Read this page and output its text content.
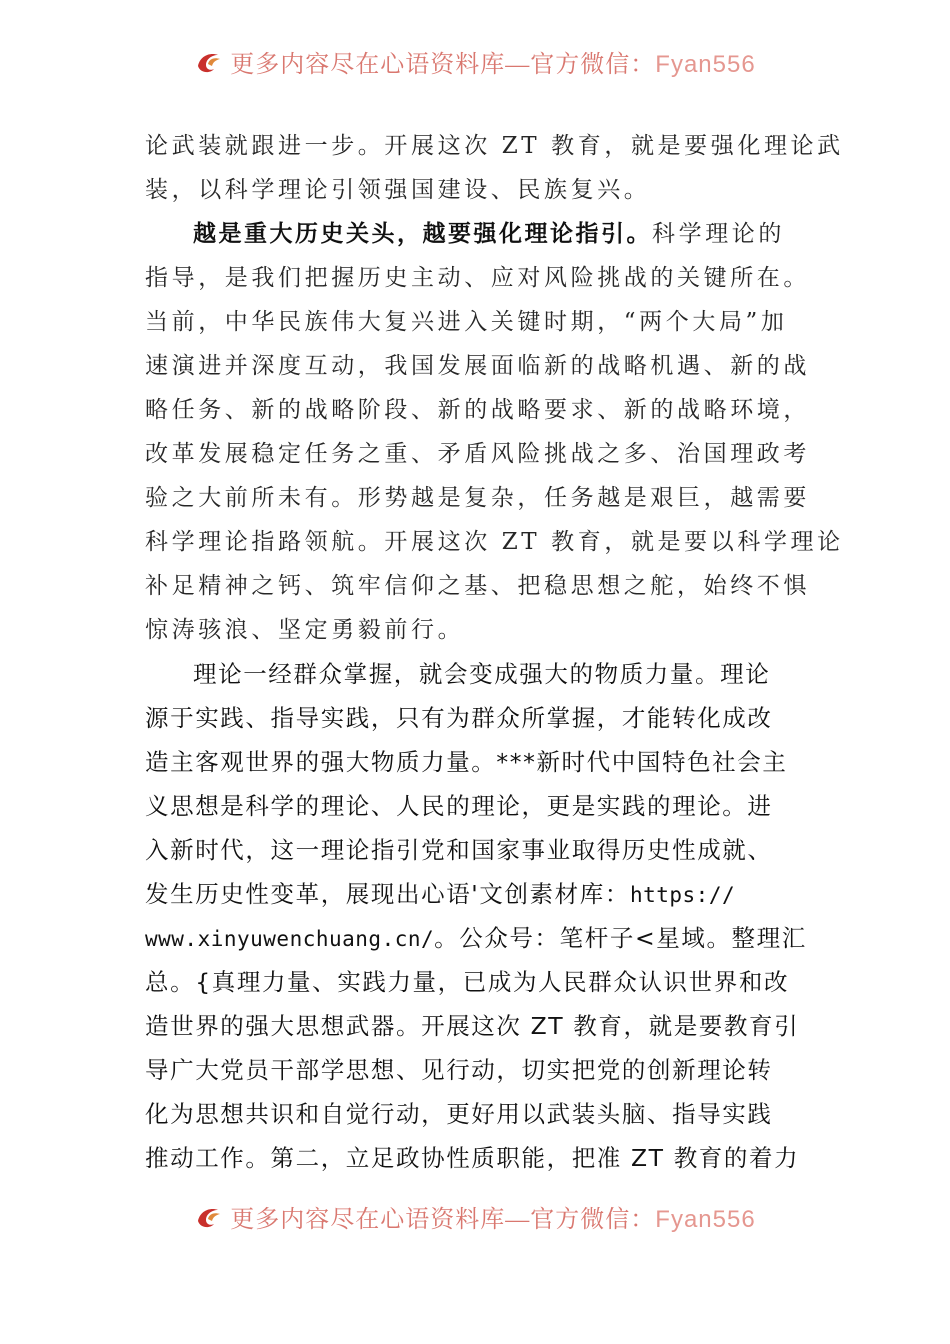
更多内容尽在心语资料库—官方微信：Fyan556
论武装就跟进一步。开展这次 ZT 教育，就是要强化理论武
装，以科学理论引领强国建设、民族复兴。
越是重大历史关头，越要强化理论指引。科学理论的
指导，是我们把握历史主动、应对风险挑战的关键所在。
当前，中华民族伟大复兴进入关键时期，“两个大局”加
速演进并深度互动，我国发展面临新的战略机遇、新的战
略任务、新的战略阶段、新的战略要求、新的战略环境，
改革发展稳定任务之重、矛盾风险挑战之多、治国理政考
验之大前所未有。形势越是复杂，任务越是艰巨，越需要
科学理论指路领航。开展这次 ZT 教育，就是要以科学理论
补足精神之钙、筑牢信仰之基、把稳思想之舵，始终不惧
惊涛骇浪、坚定勇毅前行。
理论一经群众掌握，就会变成强大的物质力量。理论
源于实践、指导实践，只有为群众所掌握，才能转化成改
造主客观世界的强大物质力量。***新时代中国特色社会主
义思想是科学的理论、人民的理论，更是实践的理论。进
入新时代，这一理论指引党和国家事业取得历史性成就、
发生历史性变革，展现出心语'文创素材库：https://
www.xinyuwenchuang.cn/。公众号：笔杆子<星域。整理汇
总。{真理力量、实践力量，已成为人民群众认识世界和改
造世界的强大思想武器。开展这次 ZT 教育，就是要教育引
导广大党员干部学思想、见行动，切实把党的创新理论转
化为思想共识和自觉行动，更好用以武装头脑、指导实践
推动工作。第二，立足政协性质职能，把准 ZT 教育的着力
更多内容尽在心语资料库—官方微信：Fyan556
